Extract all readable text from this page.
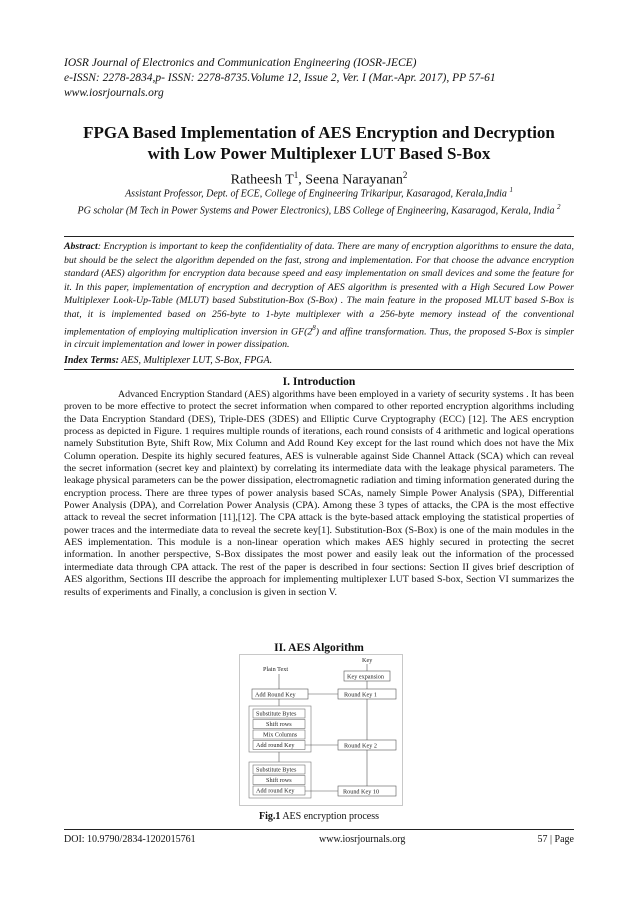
IOSR Journal of Electronics and Communication Engineering (IOSR-JECE)
e-ISSN: 2278-2834,p- ISSN: 2278-8735.Volume 12, Issue 2, Ver. I (Mar.-Apr. 2017), PP 57-61
www.iosrjournals.org
FPGA Based Implementation of AES Encryption and Decryption
with Low Power Multiplexer LUT Based S-Box
Ratheesh $T^1$, Seena Narayanan$^2$
Assistant Professor, Dept. of ECE, College of Engineering Trikaripur, Kasaragod, Kerala,India $^1$
PG scholar (M Tech in Power Systems and Power Electronics), LBS College of Engineering, Kasaragod, Kerala, India $^2$
Abstract: Encryption is important to keep the confidentiality of data. There are many of encryption algorithms to ensure the data, but should be the select the algorithm depended on the fast, strong and implementation. For that choose the advance encryption standard (AES) algorithm for encryption data because speed and easy implementation on small devices and some the feature for it. In this paper, implementation of encryption and decryption of AES algorithm is presented with a High Secured Low Power Multiplexer Look-Up-Table (MLUT) based Substitution-Box (S-Box) . The main feature in the proposed MLUT based S-Box is that, it is implemented based on 256-byte to 1-byte multiplexer with a 256-byte memory instead of the conventional implementation of employing multiplication inversion in $GF(2^8)$ and affine transformation. Thus, the proposed S-Box is simpler in circuit implementation and lower in power dissipation.
Index Terms: AES, Multiplexer LUT, S-Box, FPGA.
I. Introduction
Advanced Encryption Standard (AES) algorithms have been employed in a variety of security systems . It has been proven to be more effective to protect the secret information when compared to other reported encryption algorithms including the Data Encryption Standard (DES), Triple-DES (3DES) and Elliptic Curve Cryptography (ECC) [12]. The AES encryption process as depicted in Figure. 1 requires multiple rounds of iterations, each round consists of 4 arithmetic and logical operations namely Substitution Byte, Shift Row, Mix Column and Add Round Key except for the last round which does not have the Mix Column operation. Despite its highly secured features, AES is vulnerable against Side Channel Attack (SCA) which can reveal the secret information (secret key and plaintext) by correlating its intermediate data with the leakage physical parameters. The leakage physical parameters can be the power dissipation, electromagnetic radiation and timing information generated during the encryption process. There are three types of power analysis based SCAs, namely Simple Power Analysis (SPA), Differential Power Analysis (DPA), and Correlation Power Analysis (CPA). Among these 3 types of attacks, the CPA is the most effective attack to reveal the secret information [11],[12]. The CPA attack is the byte-based attack employing the statistical properties of power traces and the intermediate data to reveal the secrete key[1]. Substitution-Box (S-Box) is one of the main modules in the AES implementation. This module is a non-linear operation which makes AES highly secured in protecting the secret information. In another perspective, S-Box dissipates the most power and easily leak out the information of the processed intermediate data through CPA attack. The rest of the paper is described in four sections: Section II gives brief description of AES algorithm, Sections III describe the approach for implementing multiplexer LUT based S-box, Section VI summarizes the results of experiments and Finally, a conclusion is given in section V.
II. AES Algorithm
Plain Text
Key
Key expansion
Add Round Key	Round Key 1
Substitute Bytes
Shift rows
Mix Columns
Add round Key	Round Key 2
Substitute Bytes
Shift rows
Add round Key	Round Key 10
Fig.1 AES encryption process
DOI: 10.9790/2834-1202015761	www.iosrjournals.org	57 | Page
